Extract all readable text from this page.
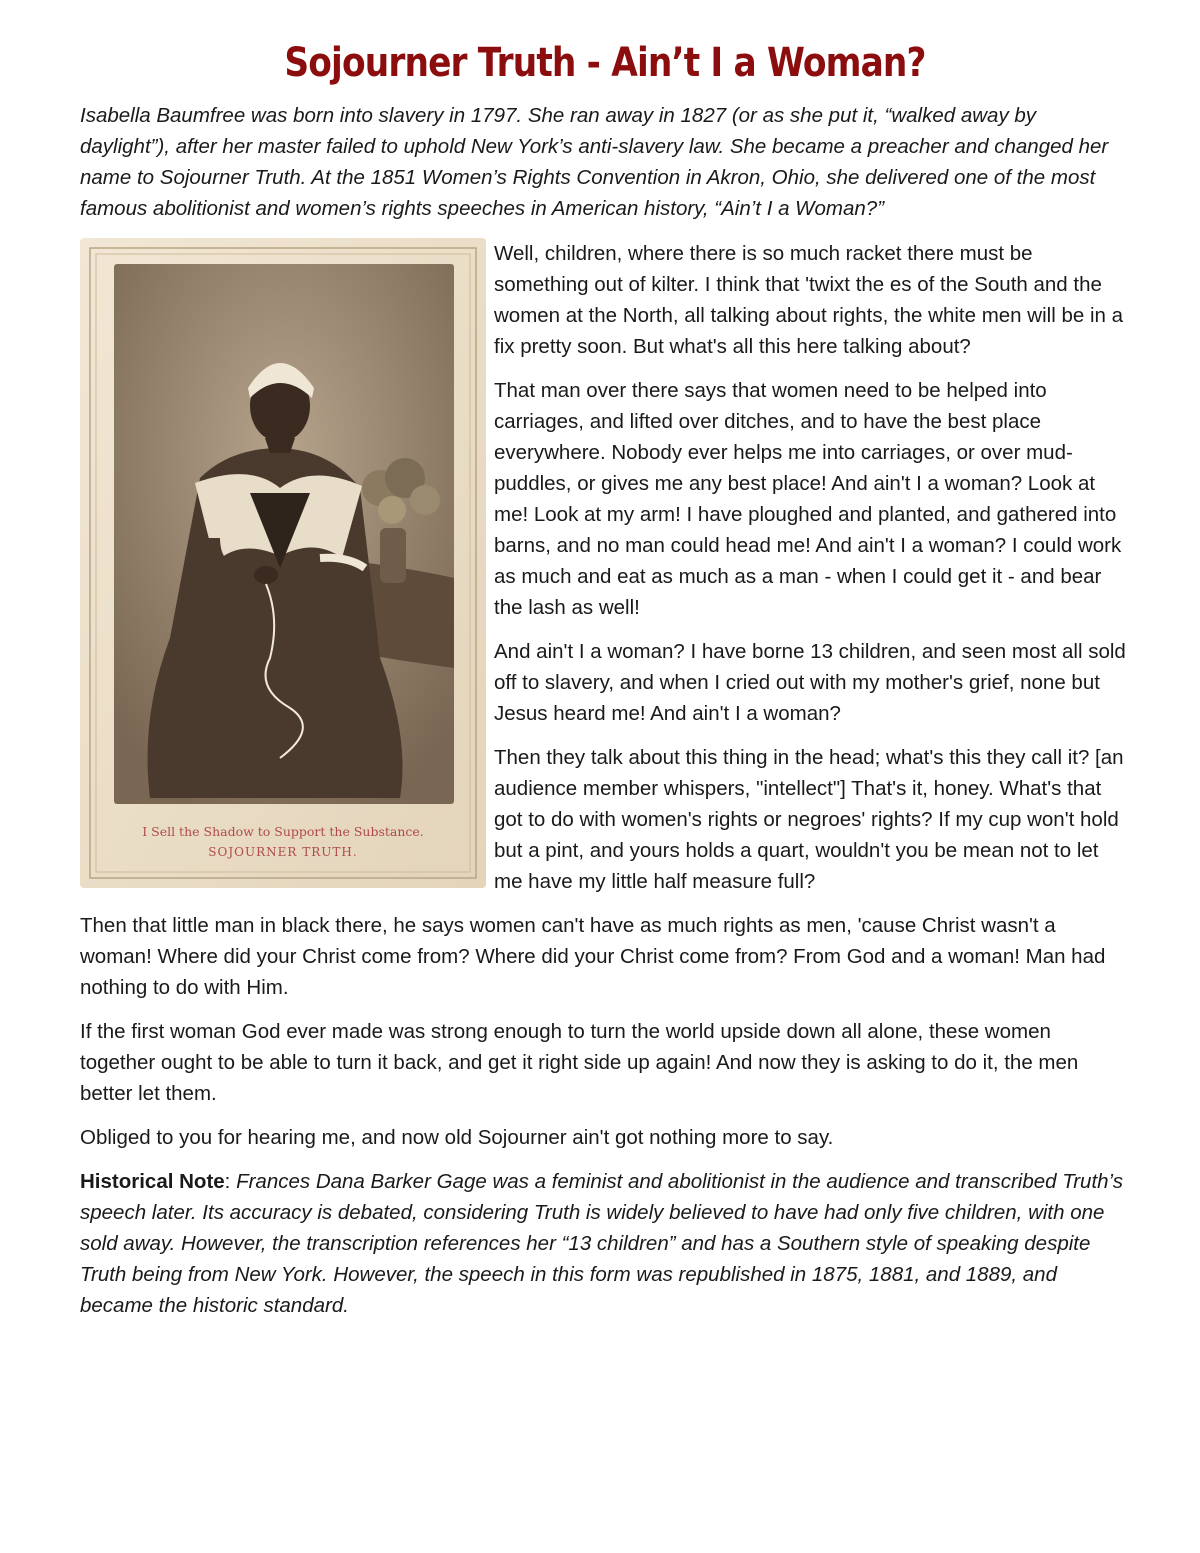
Sojourner Truth - Ain’t I a Woman?

Isabella Baumfree was born into slavery in 1797. She ran away in 1827 (or as she put it, “walked away by daylight”), after her master failed to uphold New York’s anti-slavery law. She became a preacher and changed her name to Sojourner Truth. At the 1851 Women’s Rights Convention in Akron, Ohio, she delivered one of the most famous abolitionist and women’s rights speeches in American history, “Ain’t I a Woman?”

I Sell the Shadow to Support the Substance.
SOJOURNER TRUTH.

Well, children, where there is so much racket there must be something out of kilter. I think that 'twixt the es of the South and the women at the North, all talking about rights, the white men will be in a fix pretty soon. But what's all this here talking about?

That man over there says that women need to be helped into carriages, and lifted over ditches, and to have the best place everywhere. Nobody ever helps me into carriages, or over mud-puddles, or gives me any best place! And ain't I a woman? Look at me! Look at my arm! I have ploughed and planted, and gathered into barns, and no man could head me! And ain't I a woman? I could work as much and eat as much as a man - when I could get it - and bear the lash as well!

And ain't I a woman? I have borne 13 children, and seen most all sold off to slavery, and when I cried out with my mother's grief, none but Jesus heard me! And ain't I a woman?

Then they talk about this thing in the head; what's this they call it? [an audience member whispers, "intellect"] That's it, honey. What's that got to do with women's rights or negroes' rights? If my cup won't hold but a pint, and yours holds a quart, wouldn't you be mean not to let me have my little half measure full?

Then that little man in black there, he says women can't have as much rights as men, 'cause Christ wasn't a woman! Where did your Christ come from? Where did your Christ come from? From God and a woman! Man had nothing to do with Him.

If the first woman God ever made was strong enough to turn the world upside down all alone, these women together ought to be able to turn it back, and get it right side up again! And now they is asking to do it, the men better let them.

Obliged to you for hearing me, and now old Sojourner ain't got nothing more to say.

Historical Note: Frances Dana Barker Gage was a feminist and abolitionist in the audience and transcribed Truth’s speech later. Its accuracy is debated, considering Truth is widely believed to have had only five children, with one sold away. However, the transcription references her “13 children” and has a Southern style of speaking despite Truth being from New York. However, the speech in this form was republished in 1875, 1881, and 1889, and became the historic standard.
